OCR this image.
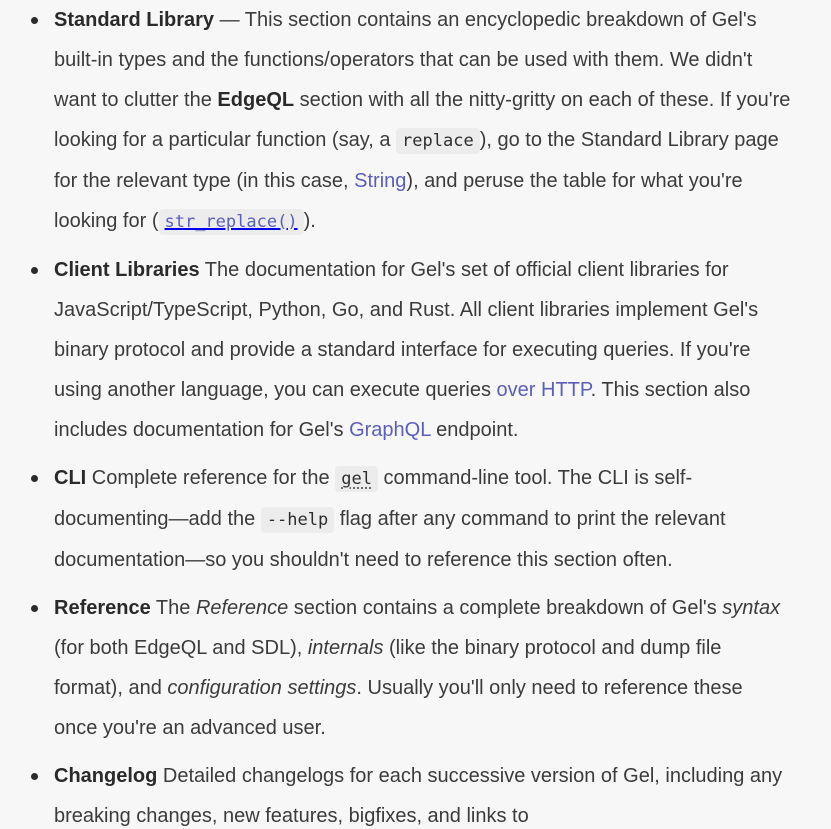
Standard Library — This section contains an encyclopedic breakdown of Gel's built-in types and the functions/operators that can be used with them. We didn't want to clutter the EdgeQL section with all the nitty-gritty on each of these. If you're looking for a particular function (say, a replace ), go to the Standard Library page for the relevant type (in this case, String), and peruse the table for what you're looking for ( str_replace() ).
Client Libraries The documentation for Gel's set of official client libraries for JavaScript/TypeScript, Python, Go, and Rust. All client libraries implement Gel's binary protocol and provide a standard interface for executing queries. If you're using another language, you can execute queries over HTTP. This section also includes documentation for Gel's GraphQL endpoint.
CLI Complete reference for the gel command-line tool. The CLI is self-documenting—add the --help flag after any command to print the relevant documentation—so you shouldn't need to reference this section often.
Reference The Reference section contains a complete breakdown of Gel's syntax (for both EdgeQL and SDL), internals (like the binary protocol and dump file format), and configuration settings. Usually you'll only need to reference these once you're an advanced user.
Changelog Detailed changelogs for each successive version of Gel, including any breaking changes, new features, bigfixes, and links to
